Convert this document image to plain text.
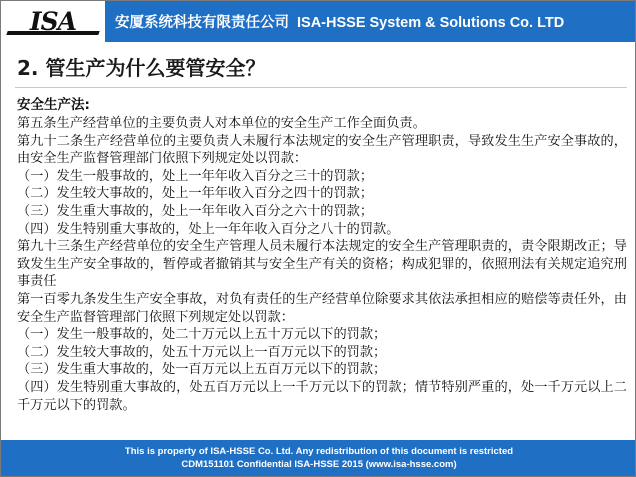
ISA	安厦系统科技有限责任公司 ISA-HSSE System & Solutions Co. LTD
2. 管生产为什么要管安全？
安全生产法:
第五条生产经营单位的主要负责人对本单位的安全生产工作全面负责。
第九十二条生产经营单位的主要负责人未履行本法规定的安全生产管理职责，导致发生生产安全事故的，由安全生产监督管理部门依照下列规定处以罚款：
（一）发生一般事故的，处上一年年收入百分之三十的罚款；
（二）发生较大事故的，处上一年年收入百分之四十的罚款；
（三）发生重大事故的，处上一年年收入百分之六十的罚款；
（四）发生特别重大事故的，处上一年年收入百分之八十的罚款。
第九十三条生产经营单位的安全生产管理人员未履行本法规定的安全生产管理职责的，责令限期改正；导致发生生产安全事故的，暂停或者撤销其与安全生产有关的资格；构成犯罪的，依照刑法有关规定追究刑事责任
第一百零九条发生生产安全事故，对负有责任的生产经营单位除要求其依法承担相应的赔偿等责任外，由安全生产监督管理部门依照下列规定处以罚款：
（一）发生一般事故的，处二十万元以上五十万元以下的罚款；
（二）发生较大事故的，处五十万元以上一百万元以下的罚款；
（三）发生重大事故的，处一百万元以上五百万元以下的罚款；
（四）发生特别重大事故的，处五百万元以上一千万元以下的罚款；情节特别严重的，处一千万元以上二千万元以下的罚款。
This is property of ISA-HSSE Co. Ltd. Any redistribution of this document is restricted
CDM151101 Confidential ISA-HSSE 2015 (www.isa-hsse.com)
